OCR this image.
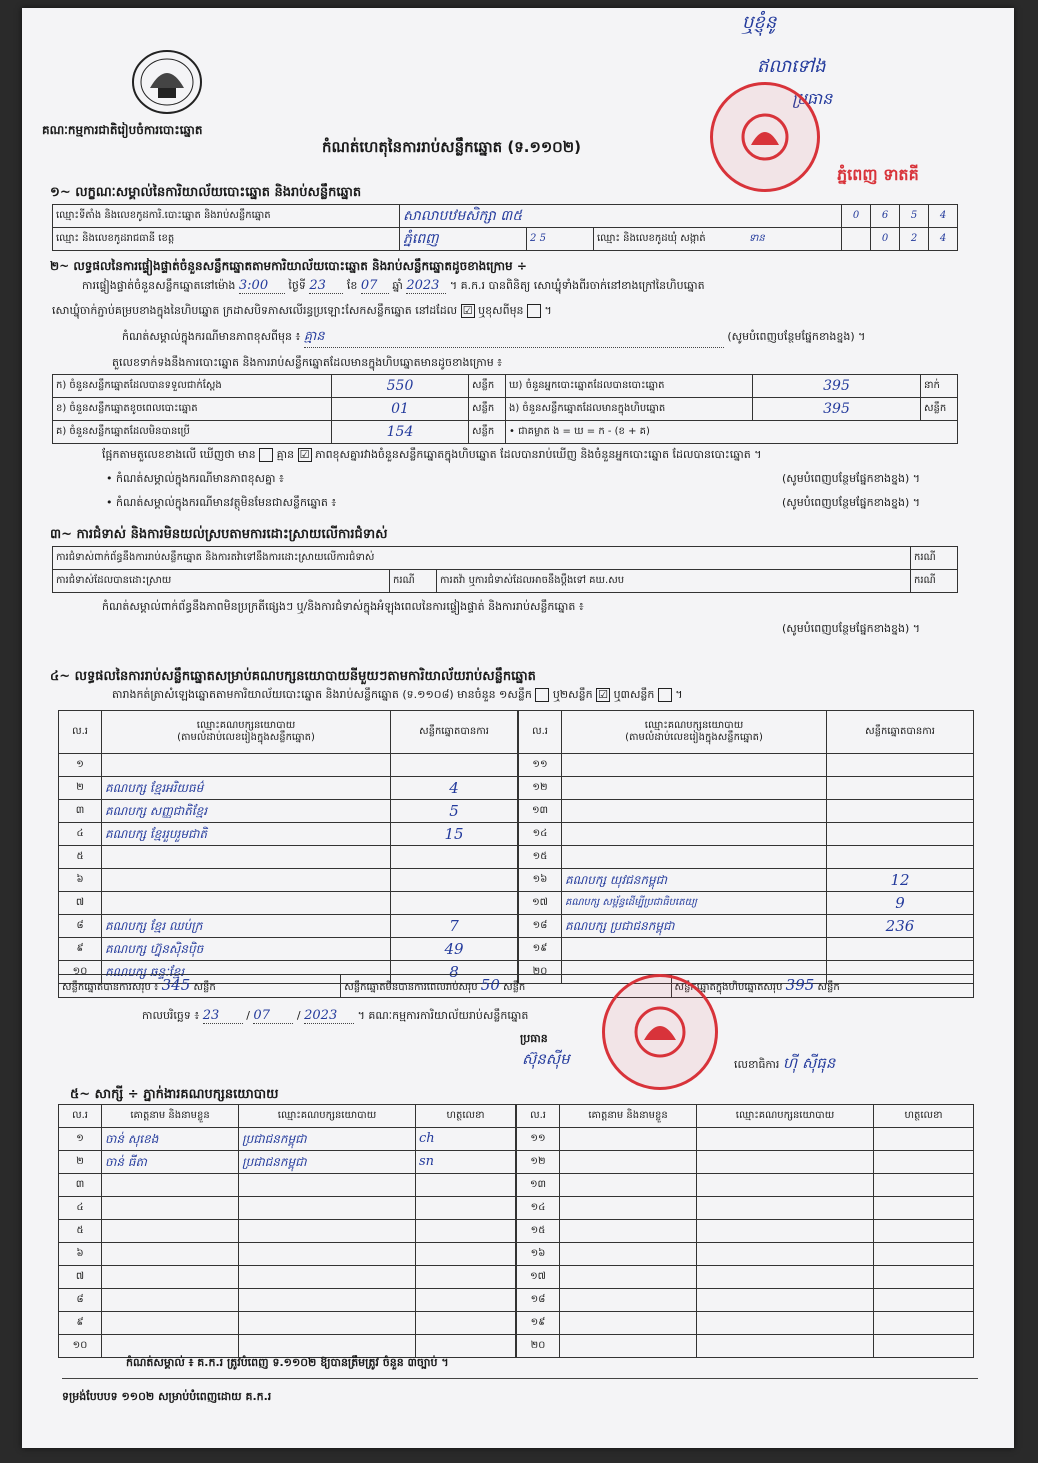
គណៈកម្មការជាតិរៀបចំការបោះឆ្នោត
កំណត់ហេតុនៃការរាប់សន្លឹកឆ្នោត (ទ.១១០២)
ឬខ្ញុំនូ
ឥលាទៅង
ប្រធាន
ភ្នំពេញ ទាតគី
១~ លក្ខណៈសម្គាល់នៃការិយាល័យបោះឆ្នោត និងរាប់សន្លឹកឆ្នោត
ឈ្មោះទីតាំង និងលេខកូដការិ.បោះឆ្នោត និងរាប់សន្លឹកឆ្នោត	សាលាបឋមសិក្សា ៣៥			0	6	5	4
ឈ្មោះ និងលេខកូដរាជធានី ខេត្ត	ភ្នំពេញ	2 5	ឈ្មោះ និងលេខកូដឃុំ សង្កាត់ ទាន		0	2	4
២~ លទ្ធផលនៃការផ្ទៀងផ្ទាត់ចំនួនសន្លឹកឆ្នោតតាមការិយាល័យបោះឆ្នោត និងរាប់សន្លឹកឆ្នោតដូចខាងក្រោម ÷
ការផ្ទៀងផ្ទាត់ចំនួនសន្លឹកឆ្នោតនៅម៉ោង 3:00 ថ្ងៃទី 23 ខែ 07 ឆ្នាំ 2023 ។ គ.ក.រ បានពិនិត្យ សោឃ្នុំទាំងពីរចាក់នៅខាងក្រៅនៃហិបឆ្នោត
សោឃ្នុំចាក់ភ្ជាប់គម្របខាងក្នុងនៃហិបឆ្នោត ក្រដាសបិទភាសលើរន្ធប្រឡោះសែកសន្លឹកឆ្នោត នៅដដែល ☑ ឬខុសពីមុន  ។
កំណត់សម្គាល់ក្នុងករណីមានភាពខុសពីមុន ៖ គ្មាន	(សូមបំពេញបន្ថែមផ្នែកខាងខ្នង) ។
តួលេខទាក់ទងនឹងការបោះឆ្នោត និងការរាប់សន្លឹកឆ្នោតដែលមានក្នុងហិបឆ្នោតមានដូចខាងក្រោម ៖
ក) ចំនួនសន្លឹកឆ្នោតដែលបានទទួលជាក់ស្តែង	550	សន្លឹក	ឃ) ចំនួនអ្នកបោះឆ្នោតដែលបានបោះឆ្នោត	395	នាក់
ខ) ចំនួនសន្លឹកឆ្នោតខូចពេលបោះឆ្នោត	01	សន្លឹក	ង) ចំនួនសន្លឹកឆ្នោតដែលមានក្នុងហិបឆ្នោត	395	សន្លឹក
គ) ចំនួនសន្លឹកឆ្នោតដែលមិនបានប្រើ	154	សន្លឹក	• ជាគម្លាត ង = ឃ = ក - (ខ + គ)		
ផ្អែកតាមតួលេខខាងលើ ឃើញថា មាន គ្មាន ☑ ភាពខុសគ្នារវាងចំនួនសន្លឹកឆ្នោតក្នុងហិបឆ្នោត ដែលបានរាប់ឃើញ និងចំនួនអ្នកបោះឆ្នោត ដែលបានបោះឆ្នោត ។
• កំណត់សម្គាល់ក្នុងករណីមានភាពខុសគ្នា ៖	(សូមបំពេញបន្ថែមផ្នែកខាងខ្នង) ។
• កំណត់សម្គាល់ក្នុងករណីមានវត្ថុមិនមែនជាសន្លឹកឆ្នោត ៖	(សូមបំពេញបន្ថែមផ្នែកខាងខ្នង) ។
៣~ ការជំទាស់ និងការមិនយល់ស្របតាមការដោះស្រាយលើការជំទាស់
ការជំទាស់ពាក់ព័ន្ធនឹងការរាប់សន្លឹកឆ្នោត និងការតវ៉ាទៅនឹងការដោះស្រាយលើការជំទាស់			ករណី
ការជំទាស់ដែលបានដោះស្រាយ	ករណី	ការតវ៉ា ឬការជំទាស់ដែលអាចនឹងប្តឹងទៅ គឃ.សប	ករណី
កំណត់សម្គាល់ពាក់ព័ន្ធនឹងភាពមិនប្រក្រតីផ្សេងៗ ឬ/និងការជំទាស់ក្នុងអំឡុងពេលនៃការផ្ទៀងផ្ទាត់ និងការរាប់សន្លឹកឆ្នោត ៖
(សូមបំពេញបន្ថែមផ្នែកខាងខ្នង) ។
៤~ លទ្ធផលនៃការរាប់សន្លឹកឆ្នោតសម្រាប់គណបក្សនយោបាយនីមួយៗតាមការិយាល័យរាប់សន្លឹកឆ្នោត
តារាងកត់ត្រាសំឡេងឆ្នោតតាមការិយាល័យបោះឆ្នោត និងរាប់សន្លឹកឆ្នោត (ទ.១១០៨) មានចំនួន ១សន្លឹក ឬ២សន្លឹក ☑ ឬ៣សន្លឹក  ។
ល.រ	ឈ្មោះគណបក្សនយោបាយ
(តាមលំដាប់លេខរៀងក្នុងសន្លឹកឆ្នោត)	សន្លឹកឆ្នោតបានការ
១		
២	គណបក្ស ខ្មែរអរិយធម៌	4
៣	គណបក្ស សញ្ញជាតិខ្មែរ	5
៤	គណបក្ស ខ្មែររួបរួមជាតិ	15
៥		
៦		
៧		
៨	គណបក្ស ខ្មែរ ឈប់ក្រ	7
៩	គណបក្ស ហ្វ៊ុនស៊ិនប៉ិច	49
១០	គណបក្ស ឆន្ទៈខ្មែរ	8
ល.រ	ឈ្មោះគណបក្សនយោបាយ
(តាមលំដាប់លេខរៀងក្នុងសន្លឹកឆ្នោត)	សន្លឹកឆ្នោតបានការ
១១		
១២		
១៣		
១៤		
១៥		
១៦	គណបក្ស យុវជនកម្ពុជា	12
១៧	គណបក្ស សម្ព័ន្ធដើម្បីប្រជាធិបតេយ្យ	9
១៨	គណបក្ស ប្រជាជនកម្ពុជា	236
១៩		
២០		
សន្លឹកឆ្នោតបានការសរុប ៖ 345 សន្លឹក	សន្លឹកឆ្នោតមិនបានការពេលរាប់សរុប 50 សន្លឹក	សន្លឹកឆ្នោតក្នុងហិបឆ្នោតសរុប 395 សន្លឹក
កាលបរិច្ឆេទ ៖ 23 / 07 / 2023 ។ គណៈកម្មការការិយាល័យរាប់សន្លឹកឆ្នោត
ប្រធាន
ស៊ុនស៊ីម	លេខាធិការ ហ៊ី ស៊ីធុន
៥~ សាក្សី ÷ ភ្នាក់ងារគណបក្សនយោបាយ
ល.រ	គោត្តនាម និងនាមខ្លួន	ឈ្មោះគណបក្សនយោបាយ	ហត្ថលេខា
១	ចាន់ សុខេង	ប្រជាជនកម្ពុជា	ch
២	ចាន់ ធីតា	ប្រជាជនកម្ពុជា	sn
៣			
៤			
៥			
៦			
៧			
៨			
៩			
១០			
ល.រ	គោត្តនាម និងនាមខ្លួន	ឈ្មោះគណបក្សនយោបាយ	ហត្ថលេខា
១១			
១២			
១៣			
១៤			
១៥			
១៦			
១៧			
១៨			
១៩			
២០			
កំណត់សម្គាល់ ៖ គ.ក.រ ត្រូវបំពេញ ទ.១១០២ ឱ្យបានត្រឹមត្រូវ ចំនួន ៣ច្បាប់ ។
ទម្រង់បែបបទ ១១០២ សម្រាប់បំពេញដោយ គ.ក.រ
